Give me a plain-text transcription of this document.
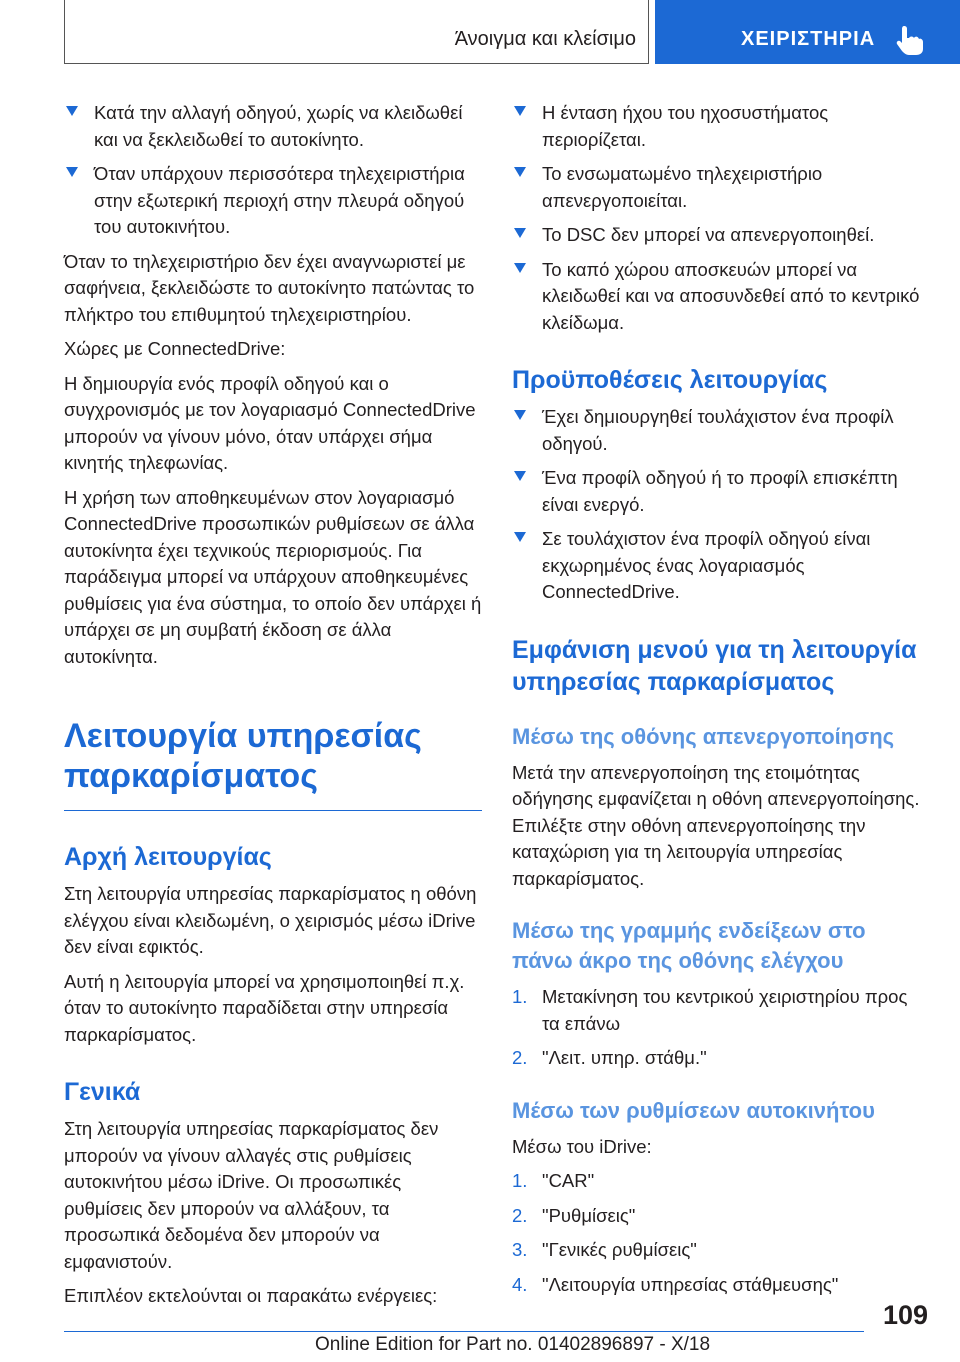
Άνοιγμα και κλείσιμο	ΧΕΙΡΙΣΤΗΡΙΑ
Κατά την αλλαγή οδηγού, χωρίς να κλειδωθεί και να ξεκλειδωθεί το αυτοκίνητο.
Όταν υπάρχουν περισσότερα τηλεχειριστήρια στην εξωτερική περιοχή στην πλευρά οδηγού του αυτοκινήτου.

Όταν το τηλεχειριστήριο δεν έχει αναγνωριστεί με σαφήνεια, ξεκλειδώστε το αυτοκίνητο πατώντας το πλήκτρο του επιθυμητού τηλεχειριστηρίου.

Χώρες με ConnectedDrive:

Η δημιουργία ενός προφίλ οδηγού και ο συγχρονισμός με τον λογαριασμό ConnectedDrive μπορούν να γίνουν μόνο, όταν υπάρχει σήμα κινητής τηλεφωνίας.

Η χρήση των αποθηκευμένων στον λογαριασμό ConnectedDrive προσωπικών ρυθμίσεων σε άλλα αυτοκίνητα έχει τεχνικούς περιορισμούς. Για παράδειγμα μπορεί να υπάρχουν αποθηκευμένες ρυθμίσεις για ένα σύστημα, το οποίο δεν υπάρχει ή υπάρχει σε μη συμβατή έκδοση σε άλλα αυτοκίνητα.

Λειτουργία υπηρεσίας παρκαρίσματος
Αρχή λειτουργίας

Στη λειτουργία υπηρεσίας παρκαρίσματος η οθόνη ελέγχου είναι κλειδωμένη, ο χειρισμός μέσω iDrive δεν είναι εφικτός.

Αυτή η λειτουργία μπορεί να χρησιμοποιηθεί π.χ. όταν το αυτοκίνητο παραδίδεται στην υπηρεσία παρκαρίσματος.

Γενικά

Στη λειτουργία υπηρεσίας παρκαρίσματος δεν μπορούν να γίνουν αλλαγές στις ρυθμίσεις αυτοκινήτου μέσω iDrive. Οι προσωπικές ρυθμίσεις δεν μπορούν να αλλάξουν, τα προσωπικά δεδομένα δεν μπορούν να εμφανιστούν.

Επιπλέον εκτελούνται οι παρακάτω ενέργειες:

Η ένταση ήχου του ηχοσυστήματος περιορίζεται.
Το ενσωματωμένο τηλεχειριστήριο απενεργοποιείται.
Το DSC δεν μπορεί να απενεργοποιηθεί.
Το καπό χώρου αποσκευών μπορεί να κλειδωθεί και να αποσυνδεθεί από το κεντρικό κλείδωμα.
Προϋποθέσεις λειτουργίας
Έχει δημιουργηθεί τουλάχιστον ένα προφίλ οδηγού.
Ένα προφίλ οδηγού ή το προφίλ επισκέπτη είναι ενεργό.
Σε τουλάχιστον ένα προφίλ οδηγού είναι εκχωρημένος ένας λογαριασμός ConnectedDrive.
Εμφάνιση μενού για τη λειτουργία υπηρεσίας παρκαρίσματος
Μέσω της οθόνης απενεργοποίησης

Μετά την απενεργοποίηση της ετοιμότητας οδήγησης εμφανίζεται η οθόνη απενεργοποίησης. Επιλέξτε στην οθόνη απενεργοποίησης την καταχώριση για τη λειτουργία υπηρεσίας παρκαρίσματος.

Μέσω της γραμμής ενδείξεων στο πάνω άκρο της οθόνης ελέγχου
1. Μετακίνηση του κεντρικού χειριστηρίου προς τα επάνω
2. "Λειτ. υπηρ. στάθμ."
Μέσω των ρυθμίσεων αυτοκινήτου

Μέσω του iDrive:

1. "CAR"
2. "Ρυθμίσεις"
3. "Γενικές ρυθμίσεις"
4. "Λειτουργία υπηρεσίας στάθμευσης"
109
Online Edition for Part no. 01402896897 - X/18
